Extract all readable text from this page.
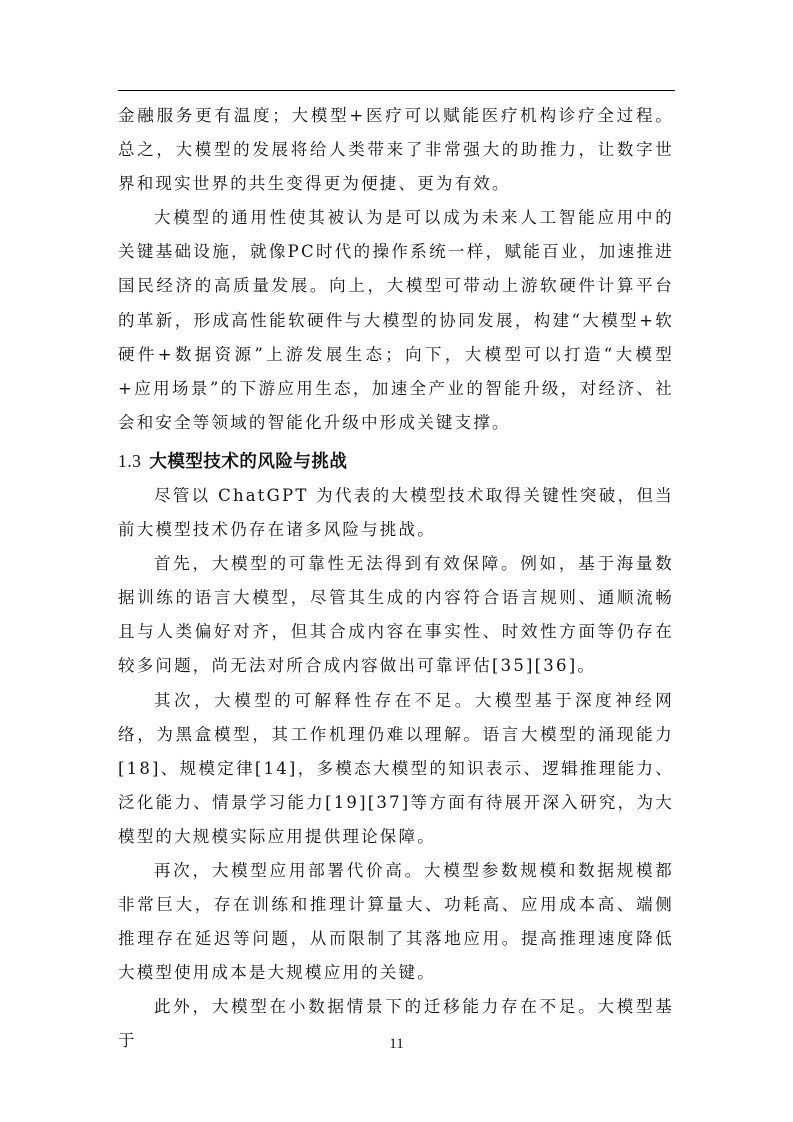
金融服务更有温度；大模型+医疗可以赋能医疗机构诊疗全过程。总之，大模型的发展将给人类带来了非常强大的助推力，让数字世界和现实世界的共生变得更为便捷、更为有效。

大模型的通用性使其被认为是可以成为未来人工智能应用中的关键基础设施，就像PC时代的操作系统一样，赋能百业，加速推进国民经济的高质量发展。向上，大模型可带动上游软硬件计算平台的革新，形成高性能软硬件与大模型的协同发展，构建“大模型+软硬件+数据资源”上游发展生态；向下，大模型可以打造“大模型+应用场景”的下游应用生态，加速全产业的智能升级，对经济、社会和安全等领域的智能化升级中形成关键支撑。

1.3 大模型技术的风险与挑战

尽管以 ChatGPT 为代表的大模型技术取得关键性突破，但当前大模型技术仍存在诸多风险与挑战。

首先，大模型的可靠性无法得到有效保障。例如，基于海量数据训练的语言大模型，尽管其生成的内容符合语言规则、通顺流畅且与人类偏好对齐，但其合成内容在事实性、时效性方面等仍存在较多问题，尚无法对所合成内容做出可靠评估[35][36]。

其次，大模型的可解释性存在不足。大模型基于深度神经网络，为黑盒模型，其工作机理仍难以理解。语言大模型的涌现能力[18]、规模定律[14]，多模态大模型的知识表示、逻辑推理能力、泛化能力、情景学习能力[19][37]等方面有待展开深入研究，为大模型的大规模实际应用提供理论保障。

再次，大模型应用部署代价高。大模型参数规模和数据规模都非常巨大，存在训练和推理计算量大、功耗高、应用成本高、端侧推理存在延迟等问题，从而限制了其落地应用。提高推理速度降低大模型使用成本是大规模应用的关键。

此外，大模型在小数据情景下的迁移能力存在不足。大模型基于	11
